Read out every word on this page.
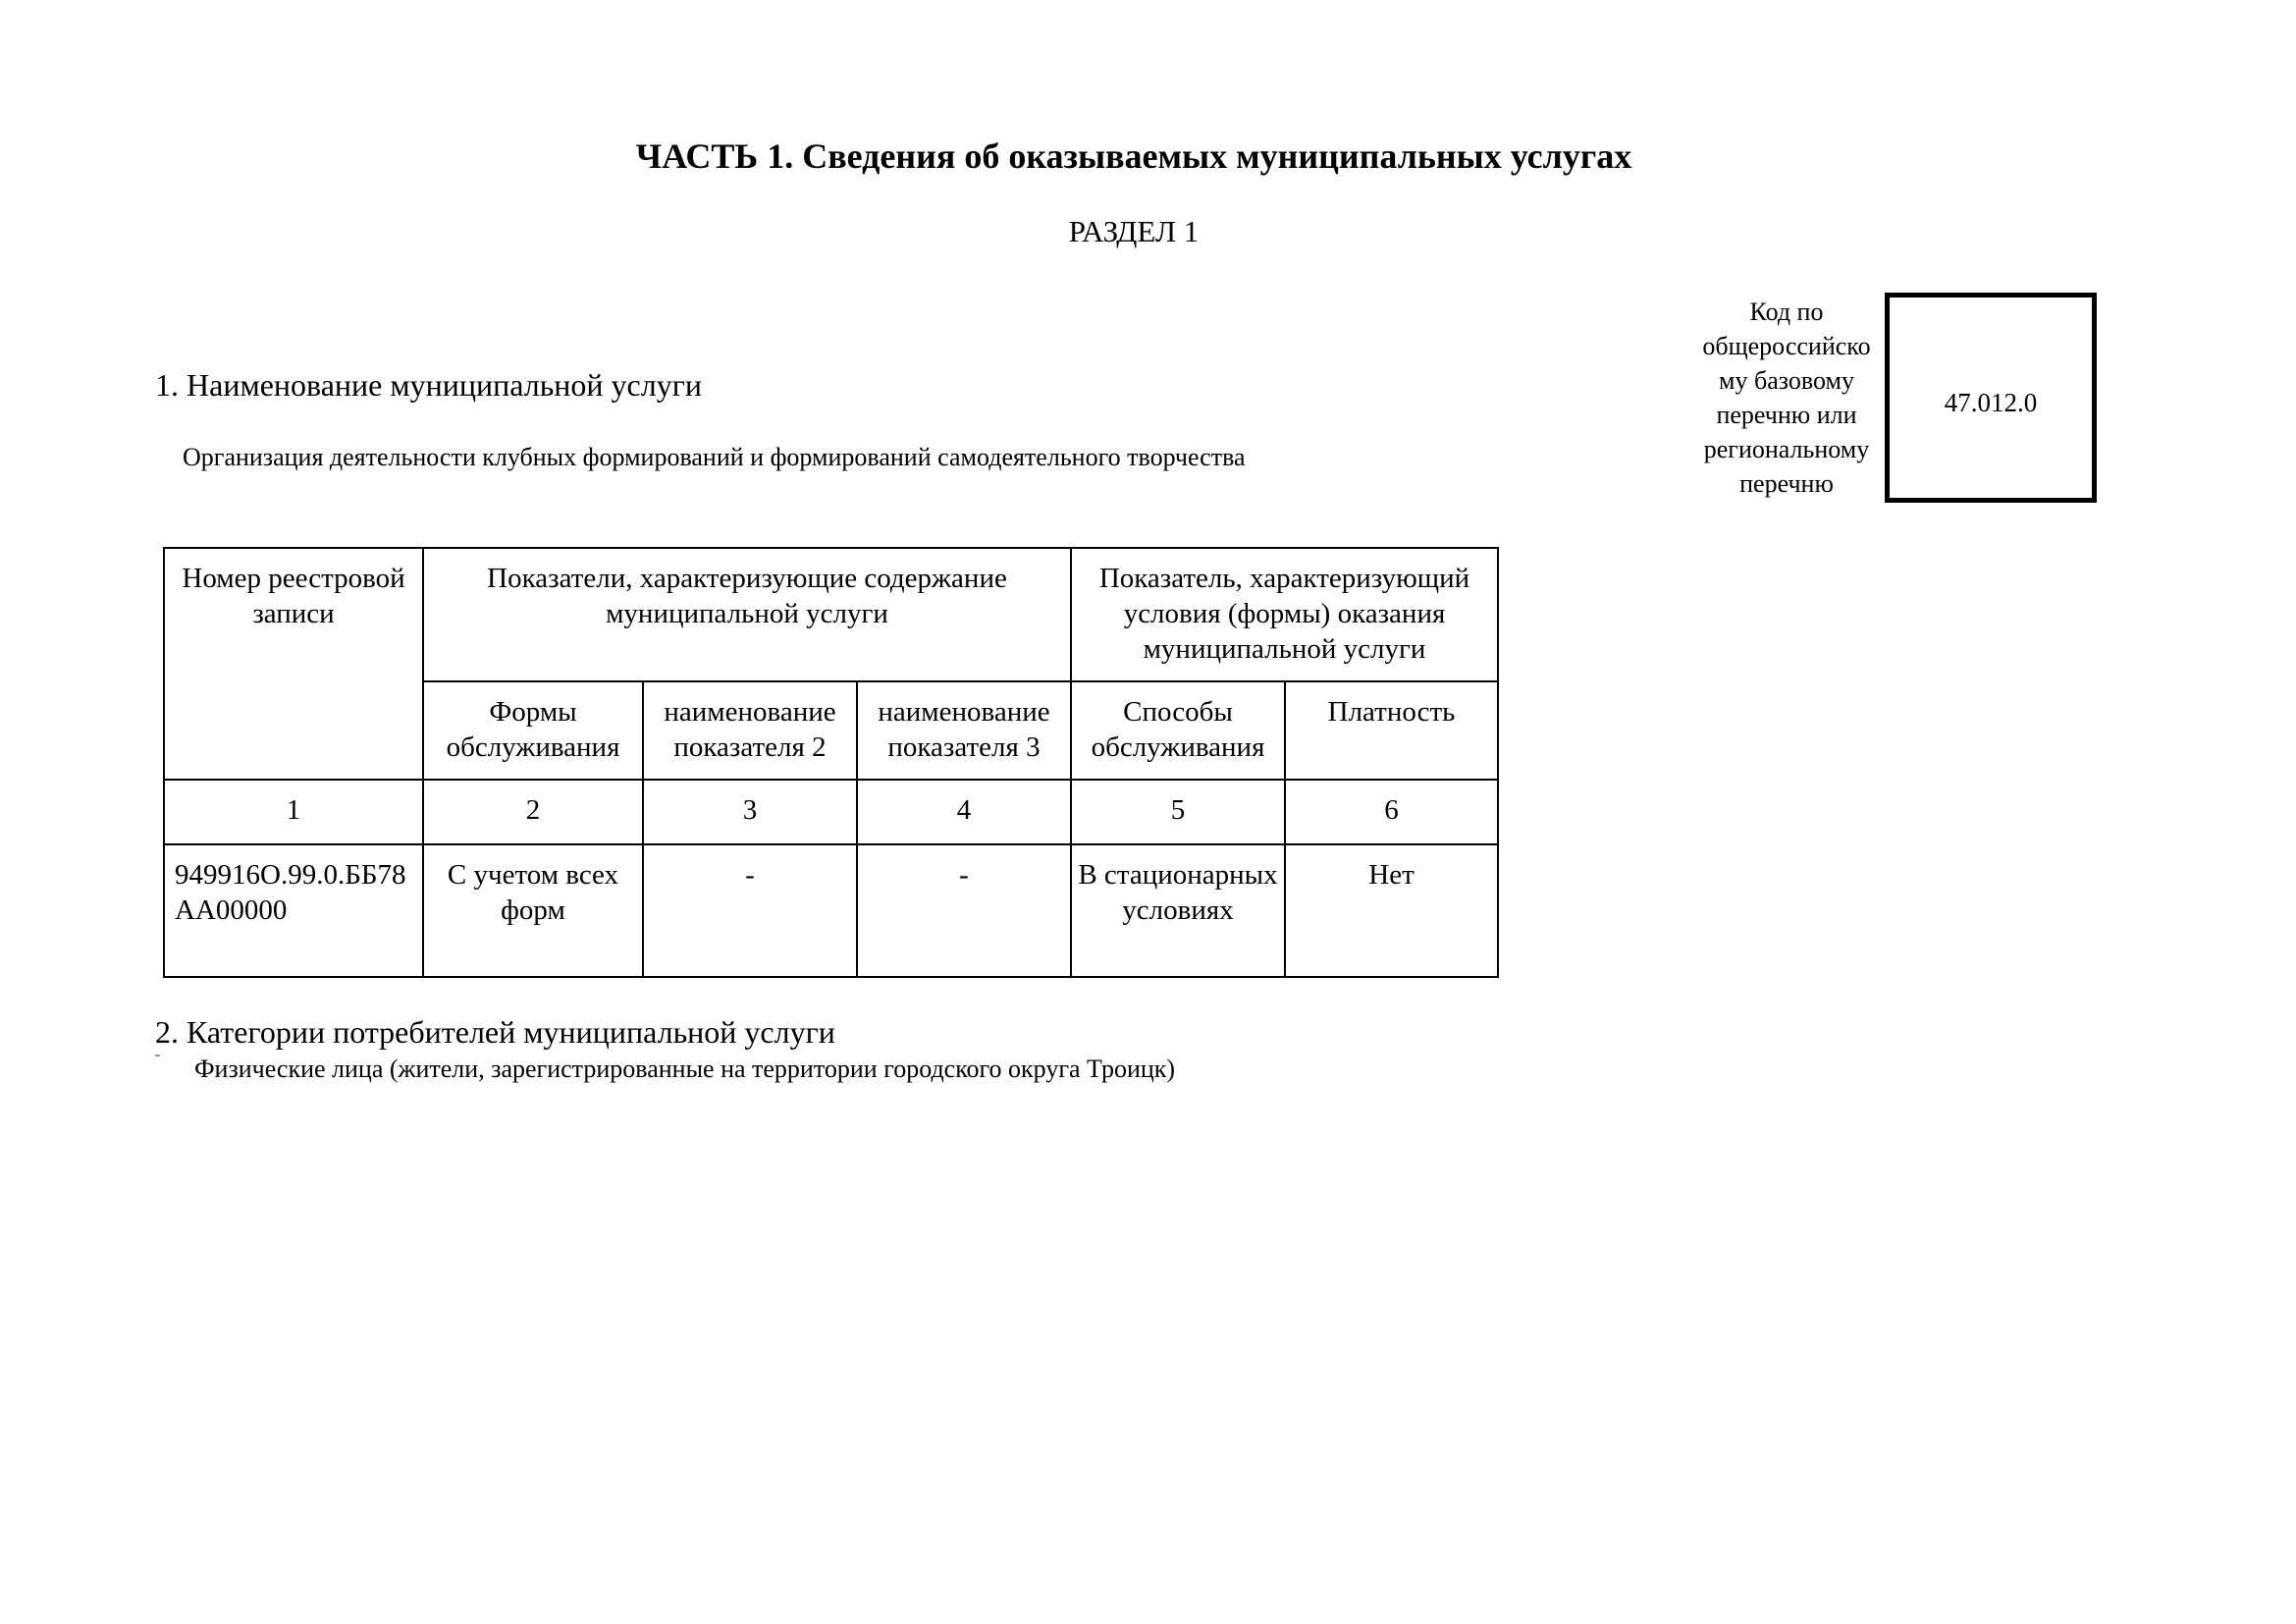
ЧАСТЬ 1. Сведения об оказываемых муниципальных услугах
РАЗДЕЛ 1
Код по
общероссийско
му базовому
перечню или
региональному
перечню
47.012.0
1. Наименование муниципальной услуги
Организация деятельности клубных формирований и формирований самодеятельного творчества
Номер реестровой записи	Показатели, характеризующие содержание муниципальной услуги			Показатель, характеризующий условия (формы) оказания муниципальной услуги	
	Формы обслуживания	наименование показателя 2	наименование показателя 3	Способы обслуживания	Платность
1	2	3	4	5	6
949916О.99.0.ББ78АА00000	С учетом всех форм	-	-	В стационарных условиях	Нет
2. Категории потребителей муниципальной услуги
Физические лица (жители, зарегистрированные на территории городского округа Троицк)
